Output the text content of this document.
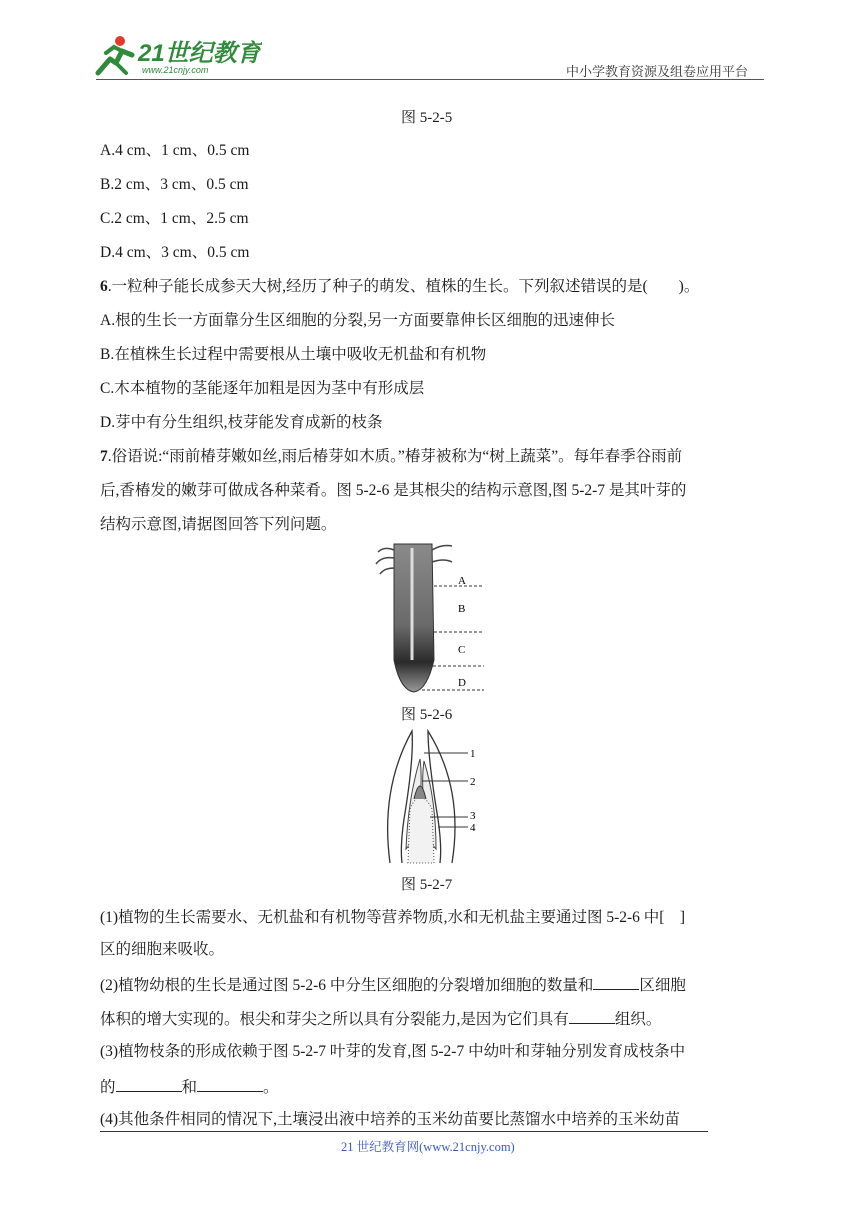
21世纪教育
www.21cnjy.com	中小学教育资源及组卷应用平台
图 5-2-5
A.4 cm、1 cm、0.5 cm
B.2 cm、3 cm、0.5 cm
C.2 cm、1 cm、2.5 cm
D.4 cm、3 cm、0.5 cm
6.一粒种子能长成参天大树,经历了种子的萌发、植株的生长。下列叙述错误的是(　　)。
A.根的生长一方面靠分生区细胞的分裂,另一方面要靠伸长区细胞的迅速伸长
B.在植株生长过程中需要根从土壤中吸收无机盐和有机物
C.木本植物的茎能逐年加粗是因为茎中有形成层
D.芽中有分生组织,枝芽能发育成新的枝条
7.俗语说:“雨前椿芽嫩如丝,雨后椿芽如木质。”椿芽被称为“树上蔬菜”。每年春季谷雨前
后,香椿发的嫩芽可做成各种菜肴。图 5-2-6 是其根尖的结构示意图,图 5-2-7 是其叶芽的
结构示意图,请据图回答下列问题。
A
B
C
D
图 5-2-6
1
2
3
4
图 5-2-7
(1)植物的生长需要水、无机盐和有机物等营养物质,水和无机盐主要通过图 5-2-6 中[　]
区的细胞来吸收。
(2)植物幼根的生长是通过图 5-2-6 中分生区细胞的分裂增加细胞的数量和	区细胞
体积的增大实现的。根尖和芽尖之所以具有分裂能力,是因为它们具有	组织。
(3)植物枝条的形成依赖于图 5-2-7 叶芽的发育,图 5-2-7 中幼叶和芽轴分别发育成枝条中
的	和	。
(4)其他条件相同的情况下,土壤浸出液中培养的玉米幼苗要比蒸馏水中培养的玉米幼苗
21 世纪教育网(www.21cnjy.com)
